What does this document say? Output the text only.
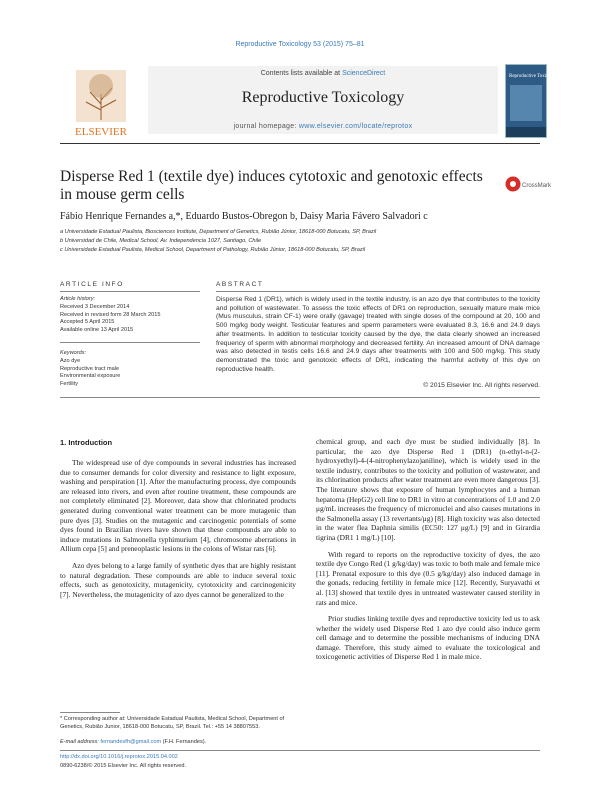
Reproductive Toxicology 53 (2015) 75–81
ELSEVIER
Contents lists available at ScienceDirect
Reproductive Toxicology
journal homepage: www.elsevier.com/locate/reprotox
Reproductive Toxicology
Disperse Red 1 (textile dye) induces cytotoxic and genotoxic effects in mouse germ cells	CrossMark
Fábio Henrique Fernandes a,*, Eduardo Bustos-Obregon b, Daisy Maria Fávero Salvadori c
a Universidade Estadual Paulista, Biosciences Institute, Department of Genetics, Rubião Júnior, 18618-000 Botucatu, SP, Brazil
b Universidad de Chile, Medical School, Av. Independencia 1027, Santiago, Chile
c Universidade Estadual Paulista, Medical School, Department of Pathology, Rubião Júnior, 18618-000 Botucatu, SP, Brazil
ARTICLE INFO	ABSTRACT
Article history:
Received 3 December 2014
Received in revised form 28 March 2015
Accepted 5 April 2015
Available online 13 April 2015
Keywords:
Azo dye
Reproductive tract male
Environmental exposure
Fertility
Disperse Red 1 (DR1), which is widely used in the textile industry, is an azo dye that contributes to the toxicity and pollution of wastewater. To assess the toxic effects of DR1 on reproduction, sexually mature male mice (Mus musculus, strain CF-1) were orally (gavage) treated with single doses of the compound at 20, 100 and 500 mg/kg body weight. Testicular features and sperm parameters were evaluated 8.3, 16.6 and 24.9 days after treatments. In addition to testicular toxicity caused by the dye, the data clearly showed an increased frequency of sperm with abnormal morphology and decreased fertility. An increased amount of DNA damage was also detected in testis cells 16.6 and 24.9 days after treatments with 100 and 500 mg/kg. This study demonstrated the toxic and genotoxic effects of DR1, indicating the harmful activity of this dye on reproductive health.
© 2015 Elsevier Inc. All rights reserved.
1. Introduction

The widespread use of dye compounds in several industries has increased due to consumer demands for color diversity and resistance to light exposure, washing and perspiration [1]. After the manufacturing process, dye compounds are released into rivers, and even after routine treatment, these compounds are not completely eliminated [2]. Moreover, data show that chlorinated products generated during conventional water treatment can be more mutagenic than pure dyes [3]. Studies on the mutagenic and carcinogenic potentials of some dyes found in Brazilian rivers have shown that these compounds are able to induce mutations in Salmonella typhimurium [4], chromosome aberrations in Allium cepa [5] and preneoplastic lesions in the colons of Wistar rats [6].

Azo dyes belong to a large family of synthetic dyes that are highly resistant to natural degradation. These compounds are able to induce several toxic effects, such as genotoxicity, mutagenicity, cytotoxicity and carcinogenicity [7]. Nevertheless, the mutagenicity of azo dyes cannot be generalized to the

chemical group, and each dye must be studied individually [8]. In particular, the azo dye Disperse Red 1 (DR1) (n-ethyl-n-(2-hydroxyethyl)-4-(4-nitrophenylazo)aniline), which is widely used in the textile industry, contributes to the toxicity and pollution of wastewater, and its chlorination products after water treatment are even more dangerous [3]. The literature shows that exposure of human lymphocytes and a human hepatoma (HepG2) cell line to DR1 in vitro at concentrations of 1.0 and 2.0 μg/mL increases the frequency of micronuclei and also causes mutations in the Salmonella assay (13 revertants/μg) [8]. High toxicity was also detected in the water flea Daphnia similis (EC50: 127 μg/L) [9] and in Girardia tigrina (DR1 1 mg/L) [10].

With regard to reports on the reproductive toxicity of dyes, the azo textile dye Congo Red (1 g/kg/day) was toxic to both male and female mice [11]. Prenatal exposure to this dye (0.5 g/kg/day) also induced damage in the gonads, reducing fertility in female mice [12]. Recently, Suryavathi et al. [13] showed that textile dyes in untreated wastewater caused sterility in rats and mice.

Prior studies linking textile dyes and reproductive toxicity led us to ask whether the widely used Disperse Red 1 azo dye could also induce germ cell damage and to determine the possible mechanisms of inducing DNA damage. Therefore, this study aimed to evaluate the toxicological and toxicogenetic activities of Disperse Red 1 in male mice.

* Corresponding author at: Universidade Estadual Paulista, Medical School, Department of Genetics, Rubião Junior, 18618-000 Botucatu, SP, Brazil. Tel.: +55 14 38807553.
E-mail address: fernandesfh@gmail.com (F.H. Fernandes).
http://dx.doi.org/10.1016/j.reprotox.2015.04.002
0890-6238/© 2015 Elsevier Inc. All rights reserved.
